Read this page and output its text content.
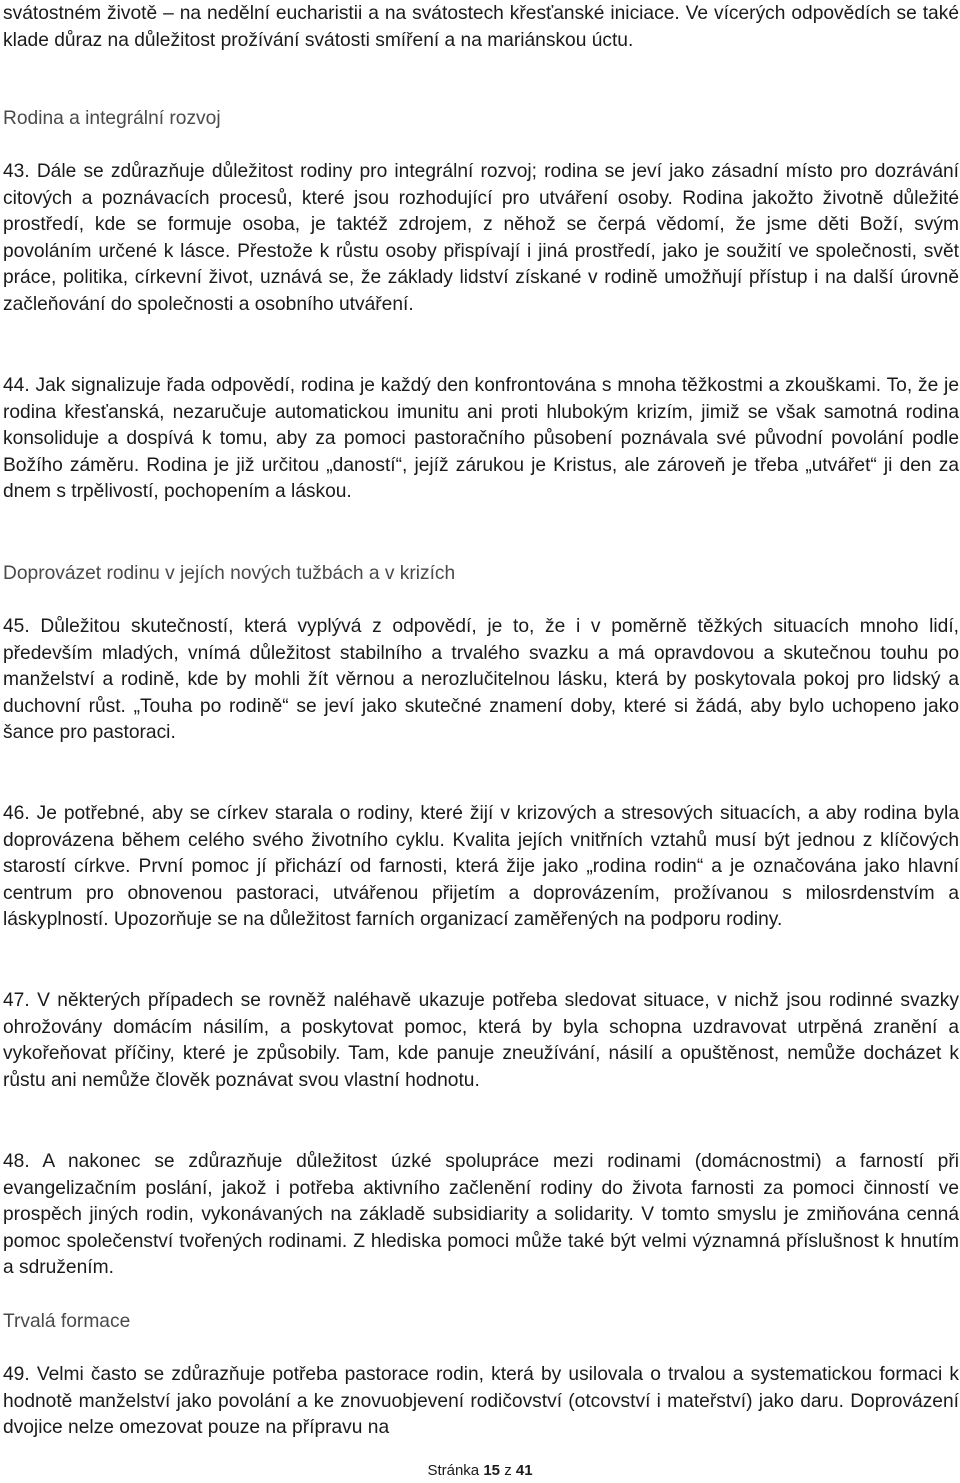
svátostném životě – na nedělní eucharistii a na svátostech křesťanské iniciace. Ve vícerých odpovědích se také klade důraz na důležitost prožívání svátosti smíření a na mariánskou úctu.

Rodina a integrální rozvoj

43. Dále se zdůrazňuje důležitost rodiny pro integrální rozvoj; rodina se jeví jako zásadní místo pro dozrávání citových a poznávacích procesů, které jsou rozhodující pro utváření osoby. Rodina jakožto životně důležité prostředí, kde se formuje osoba, je taktéž zdrojem, z něhož se čerpá vědomí, že jsme děti Boží, svým povoláním určené k lásce. Přestože k růstu osoby přispívají i jiná prostředí, jako je soužití ve společnosti, svět práce, politika, církevní život, uznává se, že základy lidství získané v rodině umožňují přístup i na další úrovně začleňování do společnosti a osobního utváření.

44. Jak signalizuje řada odpovědí, rodina je každý den konfrontována s mnoha těžkostmi a zkouškami. To, že je rodina křesťanská, nezaručuje automatickou imunitu ani proti hlubokým krizím, jimiž se však samotná rodina konsoliduje a dospívá k tomu, aby za pomoci pastoračního působení poznávala své původní povolání podle Božího záměru. Rodina je již určitou „daností“, jejíž zárukou je Kristus, ale zároveň je třeba „utvářet“ ji den za dnem s trpělivostí, pochopením a láskou.

Doprovázet rodinu v jejích nových tužbách a v krizích

45. Důležitou skutečností, která vyplývá z odpovědí, je to, že i v poměrně těžkých situacích mnoho lidí, především mladých, vnímá důležitost stabilního a trvalého svazku a má opravdovou a skutečnou touhu po manželství a rodině, kde by mohli žít věrnou a nerozlučitelnou lásku, která by poskytovala pokoj pro lidský a duchovní růst. „Touha po rodině“ se jeví jako skutečné znamení doby, které si žádá, aby bylo uchopeno jako šance pro pastoraci.

46. Je potřebné, aby se církev starala o rodiny, které žijí v krizových a stresových situacích, a aby rodina byla doprovázena během celého svého životního cyklu. Kvalita jejích vnitřních vztahů musí být jednou z klíčových starostí církve. První pomoc jí přichází od farnosti, která žije jako „rodina rodin“ a je označována jako hlavní centrum pro obnovenou pastoraci, utvářenou přijetím a doprovázením, prožívanou s milosrdenstvím a láskyplností. Upozorňuje se na důležitost farních organizací zaměřených na podporu rodiny.

47. V některých případech se rovněž naléhavě ukazuje potřeba sledovat situace, v nichž jsou rodinné svazky ohrožovány domácím násilím, a poskytovat pomoc, která by byla schopna uzdravovat utrpěná zranění a vykořeňovat příčiny, které je způsobily. Tam, kde panuje zneužívání, násilí a opuštěnost, nemůže docházet k růstu ani nemůže člověk poznávat svou vlastní hodnotu.

48. A nakonec se zdůrazňuje důležitost úzké spolupráce mezi rodinami (domácnostmi) a farností při evangelizačním poslání, jakož i potřeba aktivního začlenění rodiny do života farnosti za pomoci činností ve prospěch jiných rodin, vykonávaných na základě subsidiarity a solidarity. V tomto smyslu je zmiňována cenná pomoc společenství tvořených rodinami. Z hlediska pomoci může také být velmi významná příslušnost k hnutím a sdružením.

Trvalá formace

49. Velmi často se zdůrazňuje potřeba pastorace rodin, která by usilovala o trvalou a systematickou formaci k hodnotě manželství jako povolání a ke znovuobjevení rodičovství (otcovství i mateřství) jako daru. Doprovázení dvojice nelze omezovat pouze na přípravu na

Stránka 15 z 41
